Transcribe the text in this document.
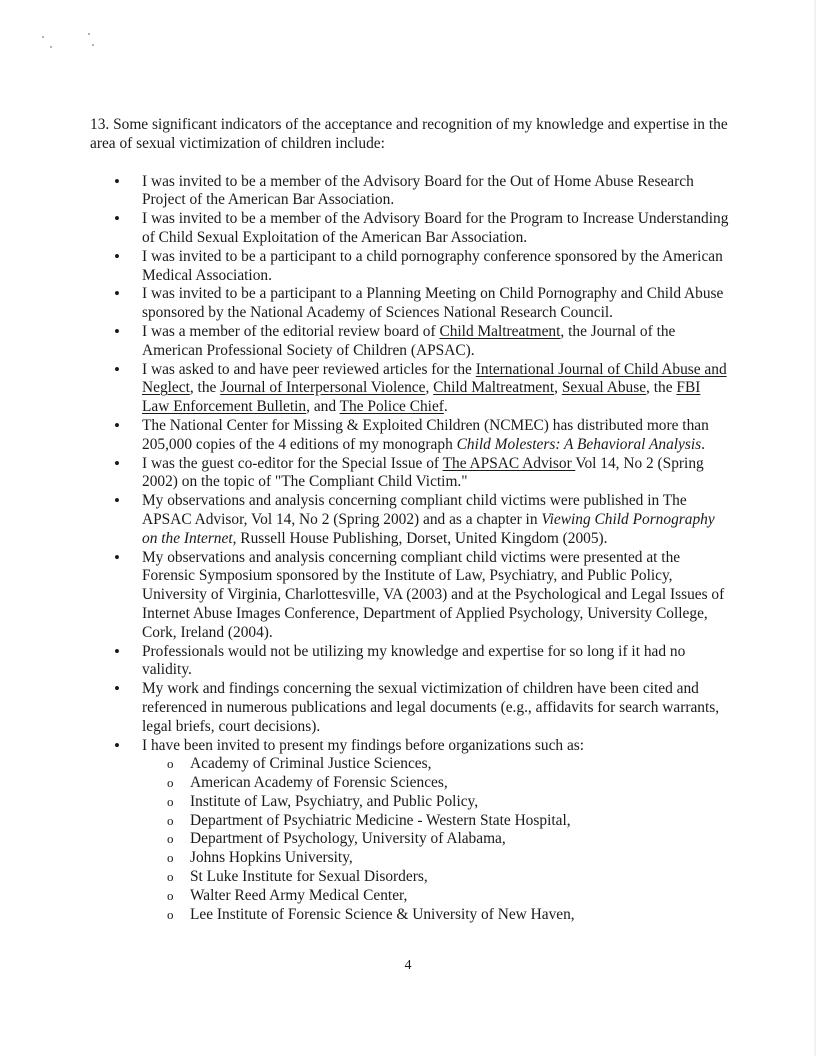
13. Some significant indicators of the acceptance and recognition of my knowledge and expertise in the area of sexual victimization of children include:

• I was invited to be a member of the Advisory Board for the Out of Home Abuse Research Project of the American Bar Association.
• I was invited to be a member of the Advisory Board for the Program to Increase Understanding of Child Sexual Exploitation of the American Bar Association.
• I was invited to be a participant to a child pornography conference sponsored by the American Medical Association.
• I was invited to be a participant to a Planning Meeting on Child Pornography and Child Abuse sponsored by the National Academy of Sciences National Research Council.
• I was a member of the editorial review board of Child Maltreatment, the Journal of the American Professional Society of Children (APSAC).
• I was asked to and have peer reviewed articles for the International Journal of Child Abuse and Neglect, the Journal of Interpersonal Violence, Child Maltreatment, Sexual Abuse, the FBI Law Enforcement Bulletin, and The Police Chief.
• The National Center for Missing & Exploited Children (NCMEC) has distributed more than 205,000 copies of the 4 editions of my monograph Child Molesters: A Behavioral Analysis.
• I was the guest co-editor for the Special Issue of The APSAC Advisor Vol 14, No 2 (Spring 2002) on the topic of "The Compliant Child Victim."
• My observations and analysis concerning compliant child victims were published in The APSAC Advisor, Vol 14, No 2 (Spring 2002) and as a chapter in Viewing Child Pornography on the Internet, Russell House Publishing, Dorset, United Kingdom (2005).
• My observations and analysis concerning compliant child victims were presented at the Forensic Symposium sponsored by the Institute of Law, Psychiatry, and Public Policy, University of Virginia, Charlottesville, VA (2003) and at the Psychological and Legal Issues of Internet Abuse Images Conference, Department of Applied Psychology, University College, Cork, Ireland (2004).
• Professionals would not be utilizing my knowledge and expertise for so long if it had no validity.
• My work and findings concerning the sexual victimization of children have been cited and referenced in numerous publications and legal documents (e.g., affidavits for search warrants, legal briefs, court decisions).
• I have been invited to present my findings before organizations such as:
o Academy of Criminal Justice Sciences,
o American Academy of Forensic Sciences,
o Institute of Law, Psychiatry, and Public Policy,
o Department of Psychiatric Medicine - Western State Hospital,
o Department of Psychology, University of Alabama,
o Johns Hopkins University,
o St Luke Institute for Sexual Disorders,
o Walter Reed Army Medical Center,
o Lee Institute of Forensic Science & University of New Haven,
4
